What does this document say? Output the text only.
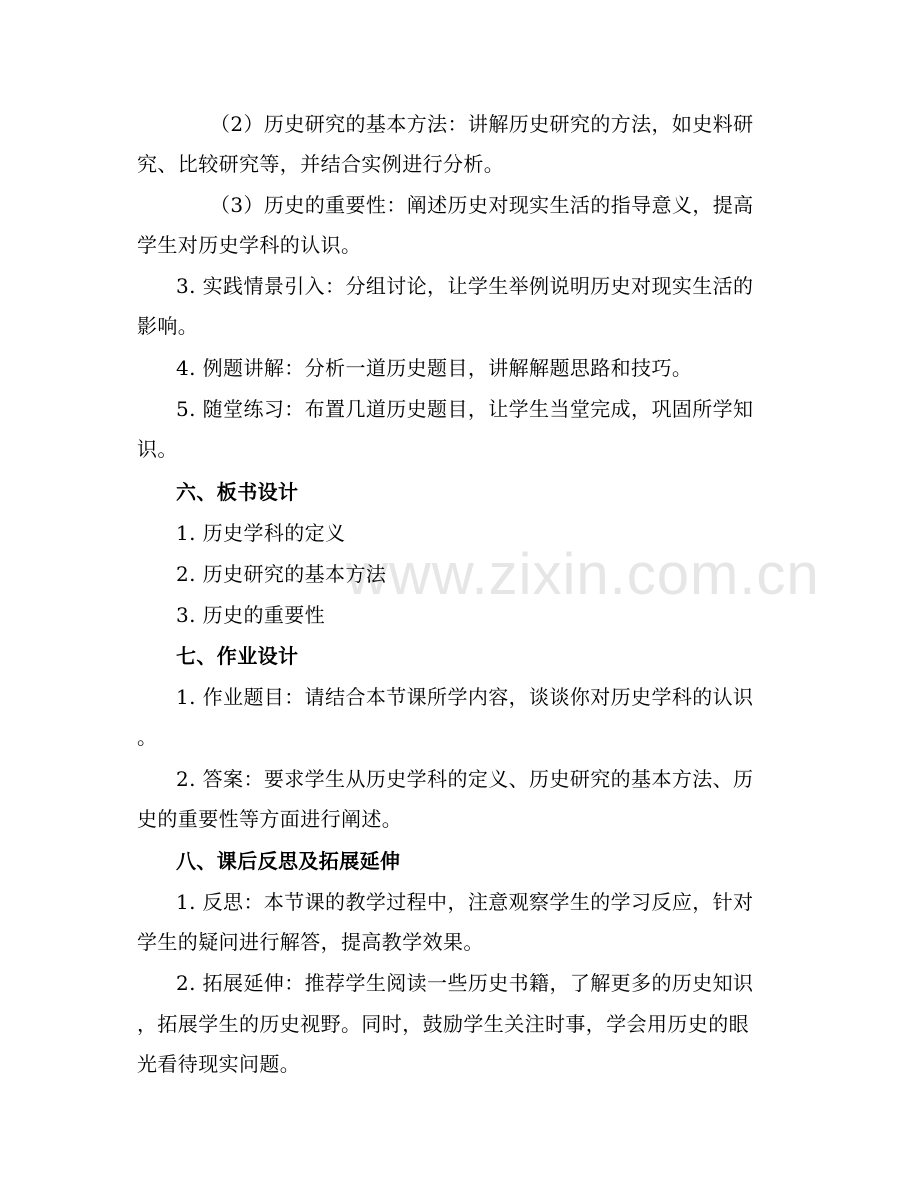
www.zixin.com.cn
（2）历史研究的基本方法：讲解历史研究的方法，如史料研
究、比较研究等，并结合实例进行分析。
（3）历史的重要性：阐述历史对现实生活的指导意义，提高
学生对历史学科的认识。
3. 实践情景引入：分组讨论，让学生举例说明历史对现实生活的
影响。
4. 例题讲解：分析一道历史题目，讲解解题思路和技巧。
5. 随堂练习：布置几道历史题目，让学生当堂完成，巩固所学知
识。
六、板书设计
1. 历史学科的定义
2. 历史研究的基本方法
3. 历史的重要性
七、作业设计
1. 作业题目：请结合本节课所学内容，谈谈你对历史学科的认识
。
2. 答案：要求学生从历史学科的定义、历史研究的基本方法、历
史的重要性等方面进行阐述。
八、课后反思及拓展延伸
1. 反思：本节课的教学过程中，注意观察学生的学习反应，针对
学生的疑问进行解答，提高教学效果。
2. 拓展延伸：推荐学生阅读一些历史书籍，了解更多的历史知识
，拓展学生的历史视野。同时，鼓励学生关注时事，学会用历史的眼
光看待现实问题。
